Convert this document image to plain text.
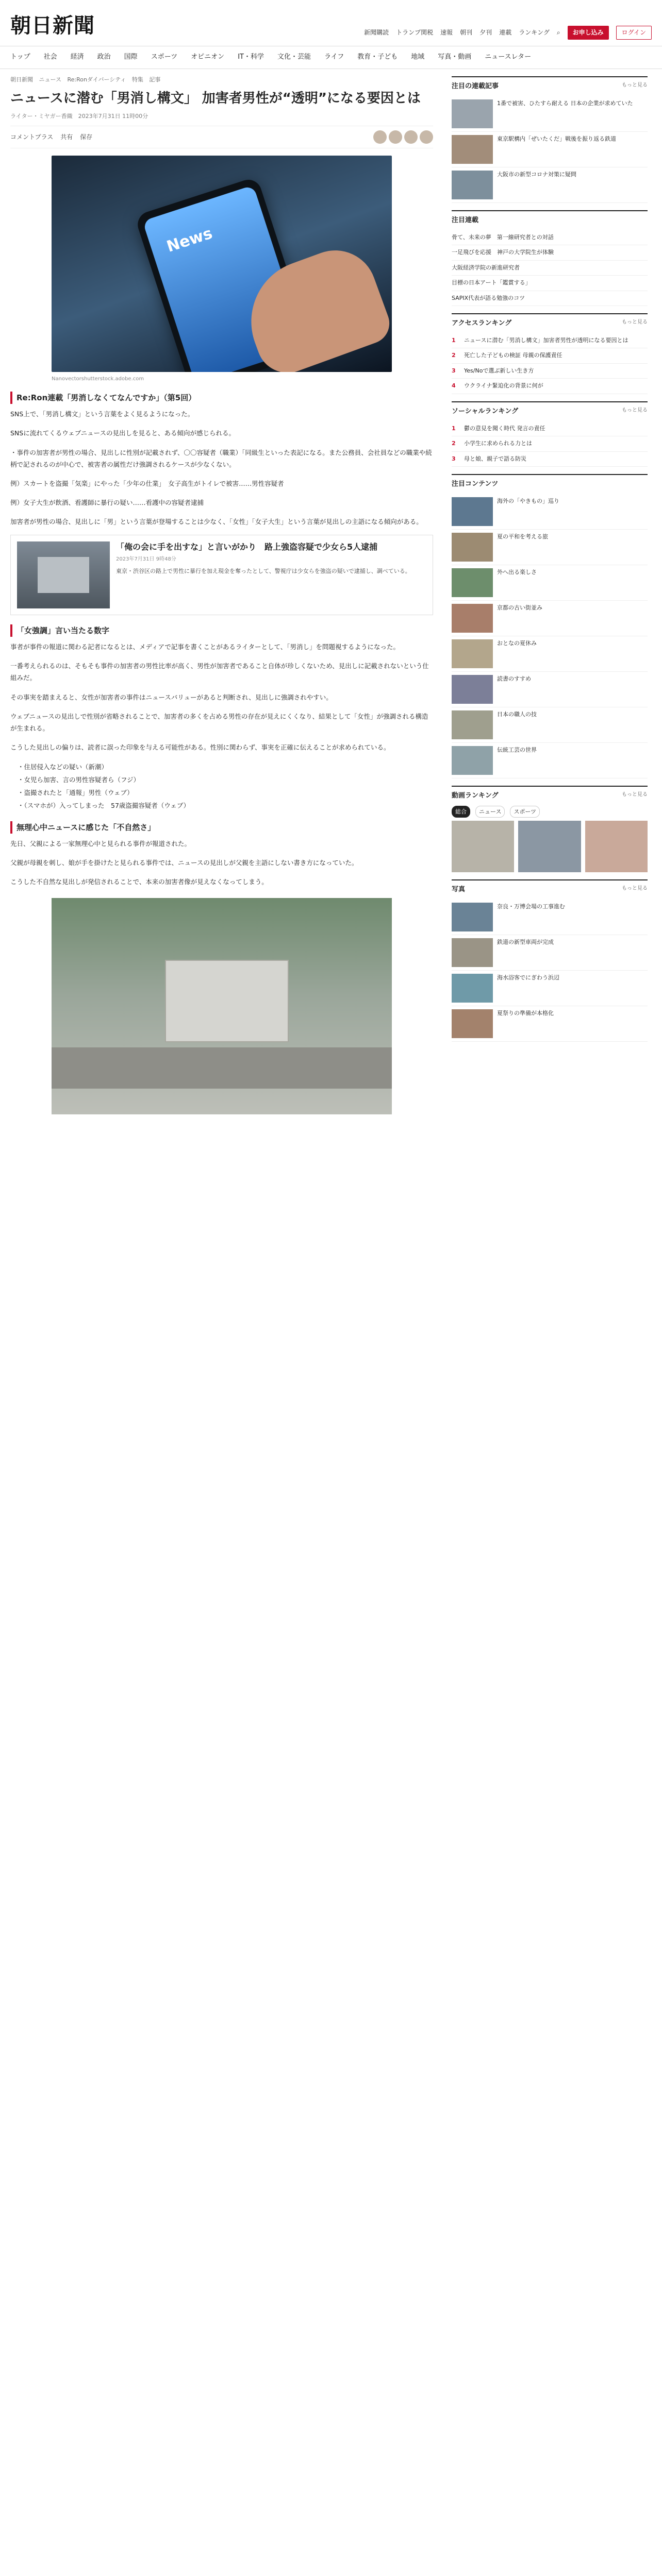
朝日新聞	新聞購読 トランプ関税 速報 朝刊 夕刊 連載 ランキング ⌕	お申し込み	ログイン
トップ 社会 経済 政治 国際 スポーツ オピニオン IT・科学 文化・芸能 ライフ 教育・子ども 地域 写真・動画 ニュースレター
朝日新聞 ニュース Re:Ronダイバーシティ 特集 記事
ニュースに潜む「男消し構文」 加害者男性が“透明”になる要因とは
ライター・ミヤガー香織　2023年7月31日 11時00分
コメントプラス 共有 保存
News
Nanovectorshutterstock.adobe.com
Re:Ron連載「男消しなくてなんですか」（第5回）

SNS上で、「男消し構文」という言葉をよく見るようになった。

SNSに流れてくるウェブニュースの見出しを見ると、ある傾向が感じられる。

・事件の加害者が男性の場合、見出しに性別が記載されず、〇〇容疑者（職業）「同級生といった表記になる。また公務員、会社員などの職業や続柄で記されるのが中心で、被害者の属性だけ強調されるケースが少なくない。

例）スカートを盗撮「気楽」にやった「少年の仕業」　女子高生がトイレで被害……男性容疑者

例）女子大生が飲酒、看護師に暴行の疑い……看護中の容疑者逮捕

加害者が男性の場合、見出しに「男」という言葉が登場することは少なく、「女性」「女子大生」という言葉が見出しの主語になる傾向がある。

「俺の会に手を出すな」と言いがかり　路上強盗容疑で少女ら5人逮捕
2023年7月31日 9時48分
東京・渋谷区の路上で男性に暴行を加え現金を奪ったとして、警視庁は少女らを強盗の疑いで逮捕し、調べている。
「女強調」言い当たる数字

事者が事件の報道に関わる記者になるとは、メディアで記事を書くことがあるライターとして、「男消し」を問題視するようになった。

一番考えられるのは、そもそも事件の加害者の男性比率が高く、男性が加害者であること自体が珍しくないため、見出しに記載されないという仕組みだ。

その事実を踏まえると、女性が加害者の事件はニュースバリューがあると判断され、見出しに強調されやすい。

ウェブニュースの見出しで性別が省略されることで、加害者の多くを占める男性の存在が見えにくくなり、結果として「女性」が強調される構造が生まれる。

こうした見出しの偏りは、読者に誤った印象を与える可能性がある。性別に関わらず、事実を正確に伝えることが求められている。

・住居侵入などの疑い（新潮）
・女児ら加害、言の男性容疑者ら（フジ）
・盗撮されたと「通報」男性（ウェブ）
・（スマホが）入ってしまった　57歳盗撮容疑者（ウェブ）
無理心中ニュースに感じた「不自然さ」

先日、父親による一家無理心中と見られる事件が報道された。

父親が母親を刺し、娘が手を掛けたと見られる事件では、ニュースの見出しが父親を主語にしない書き方になっていた。

こうした不自然な見出しが発信されることで、本来の加害者像が見えなくなってしまう。

注目の連載記事	もっと見る
1番で被害、ひたすら耐える 日本の企業が求めていた
東京駅構内「ぜいたくだ」戦後を振り返る鉄道
大阪市の新型コロナ対策に疑問
注目連載
骨て、未来の夢　第一線研究者との対話
一足飛びを応援　神戸の大学院生が体験
大阪経済学院の新進研究者
目標の日本アート「鑑賞する」
SAPIX代表が語る勉強のコツ
アクセスランキング	もっと見る
1	ニュースに潜む「男消し構文」加害者男性が透明になる要因とは
2	死亡した子どもの検証 母親の保護責任
3	Yes/Noで選ぶ新しい生き方
4	ウクライナ緊迫化の背景に何が
ソーシャルランキング	もっと見る
1	鬱の意見を聞く時代 発言の責任
2	小学生に求められる力とは
3	母と娘、親子で語る防災
注目コンテンツ
海外の「やきもの」巡り
夏の平和を考える旅
外へ出る楽しさ
京都の古い街並み
おとなの夏休み
読書のすすめ
日本の職人の技
伝統工芸の世界
動画ランキング	もっと見る
総合	ニュース	スポーツ
写真	もっと見る
奈良・万博会場の工事進む
鉄道の新型車両が完成
海水浴客でにぎわう浜辺
夏祭りの準備が本格化
